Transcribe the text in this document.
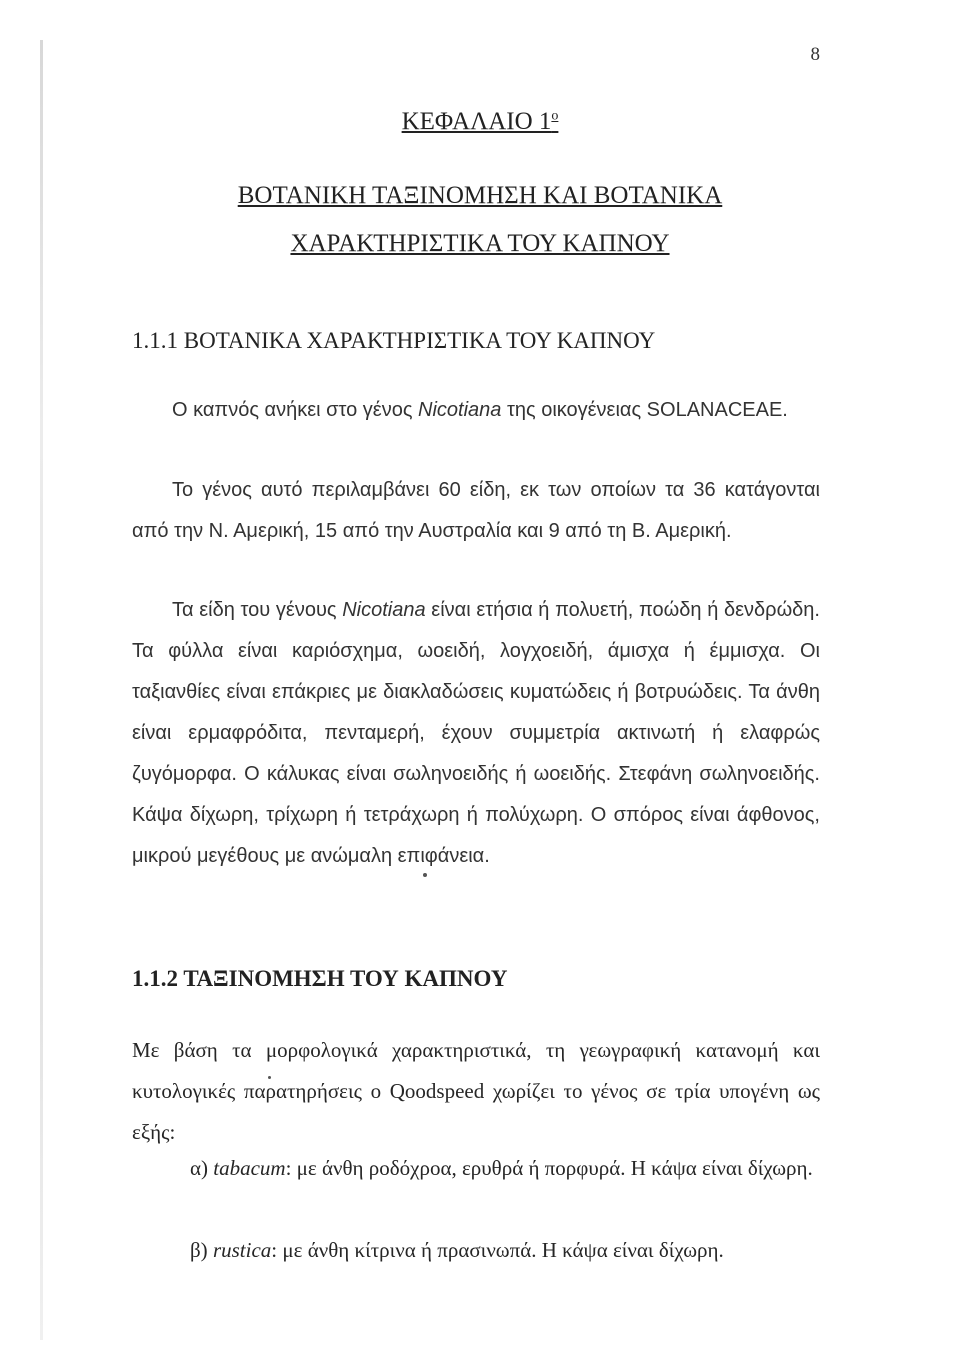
8
ΚΕΦΑΛΑΙΟ $1^o$
ΒΟΤΑΝΙΚΗ ΤΑΞΙΝΟΜΗΣΗ ΚΑΙ ΒΟΤΑΝΙΚΑ
ΧΑΡΑΚΤΗΡΙΣΤΙΚΑ ΤΟΥ ΚΑΠΝΟΥ
1.1.1 ΒΟΤΑΝΙΚΑ ΧΑΡΑΚΤΗΡΙΣΤΙΚΑ ΤΟΥ ΚΑΠΝΟΥ
Ο καπνός ανήκει στο γένος Nicotiana της οικογένειας SOLANACEAE.
Το γένος αυτό περιλαμβάνει 60 είδη, εκ των οποίων τα 36 κατάγονται από την Ν. Αμερική, 15 από την Αυστραλία και 9 από τη Β. Αμερική.
Τα είδη του γένους Nicotiana είναι ετήσια ή πολυετή, ποώδη ή δενδρώδη. Τα φύλλα είναι καριόσχημα, ωοειδή, λογχοειδή, άμισχα ή έμμισχα. Οι ταξιανθίες είναι επάκριες με διακλαδώσεις κυματώδεις ή βοτρυώδεις. Τα άνθη είναι ερμαφρόδιτα, πενταμερή, έχουν συμμετρία ακτινωτή ή ελαφρώς ζυγόμορφα. Ο κάλυκας είναι σωληνοειδής ή ωοειδής. Στεφάνη σωληνοειδής. Κάψα δίχωρη, τρίχωρη ή τετράχωρη ή πολύχωρη. Ο σπόρος είναι άφθονος, μικρού μεγέθους με ανώμαλη επιφάνεια.
1.1.2 ΤΑΞΙΝΟΜΗΣΗ ΤΟΥ ΚΑΠΝΟΥ
Με βάση τα μορφολογικά χαρακτηριστικά, τη γεωγραφική κατανομή και κυτολογικές παρατηρήσεις ο Qoodspeed χωρίζει το γένος σε τρία υπογένη ως εξής:
α) tabacum: με άνθη ροδόχροα, ερυθρά ή πορφυρά. Η κάψα είναι δίχωρη.
β) rustica: με άνθη κίτρινα ή πρασινωπά. Η κάψα είναι δίχωρη.
